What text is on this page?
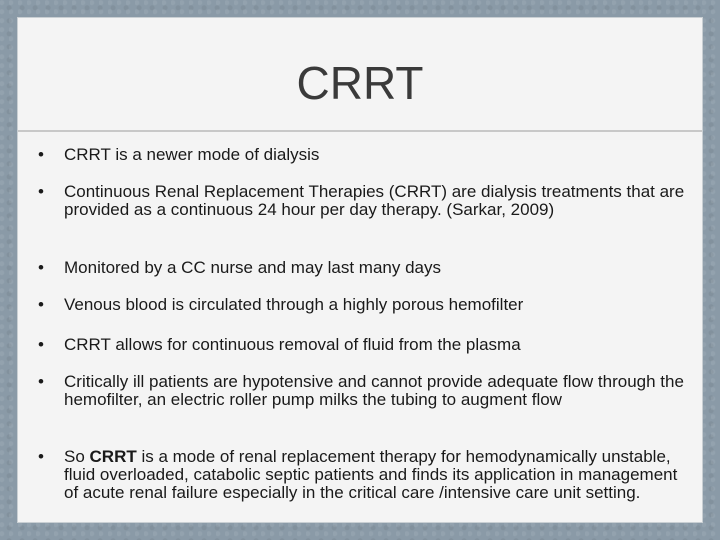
CRRT
•	CRRT is a newer mode of dialysis
•	Continuous Renal Replacement Therapies (CRRT) are dialysis treatments that are provided as a continuous 24 hour per day therapy. (Sarkar, 2009)
•	Monitored by a CC nurse and may last many days
•	Venous blood is circulated through a highly porous hemofilter
•	CRRT allows for continuous removal of fluid from the plasma
•	Critically ill patients are hypotensive and cannot provide adequate flow through the hemofilter, an electric roller pump milks the tubing to augment flow
•	So CRRT is a mode of renal replacement therapy for hemodynamically unstable, fluid overloaded, catabolic septic patients and finds its application in management of acute renal failure especially in the critical care /intensive care unit setting.
